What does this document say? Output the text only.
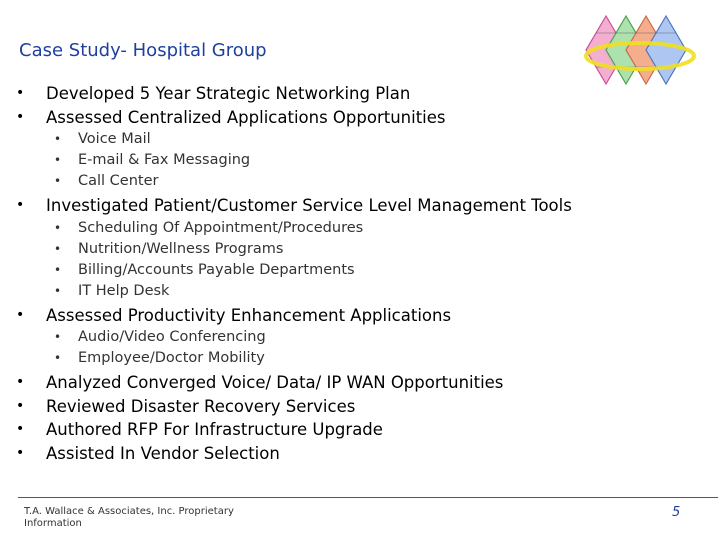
Case Study- Hospital Group
•	Developed 5 Year Strategic Networking Plan
•	Assessed Centralized Applications Opportunities
• Voice Mail
• E-mail & Fax Messaging
• Call Center
•	Investigated Patient/Customer Service Level Management Tools
• Scheduling Of Appointment/Procedures
• Nutrition/Wellness Programs
• Billing/Accounts Payable Departments
• IT Help Desk
•	Assessed Productivity Enhancement Applications
• Audio/Video Conferencing
• Employee/Doctor Mobility
•	Analyzed Converged Voice/ Data/ IP WAN Opportunities
•	Reviewed Disaster Recovery Services
•	Authored RFP For Infrastructure Upgrade
•	Assisted In Vendor Selection
T.A. Wallace & Associates, Inc. Proprietary Information
5
